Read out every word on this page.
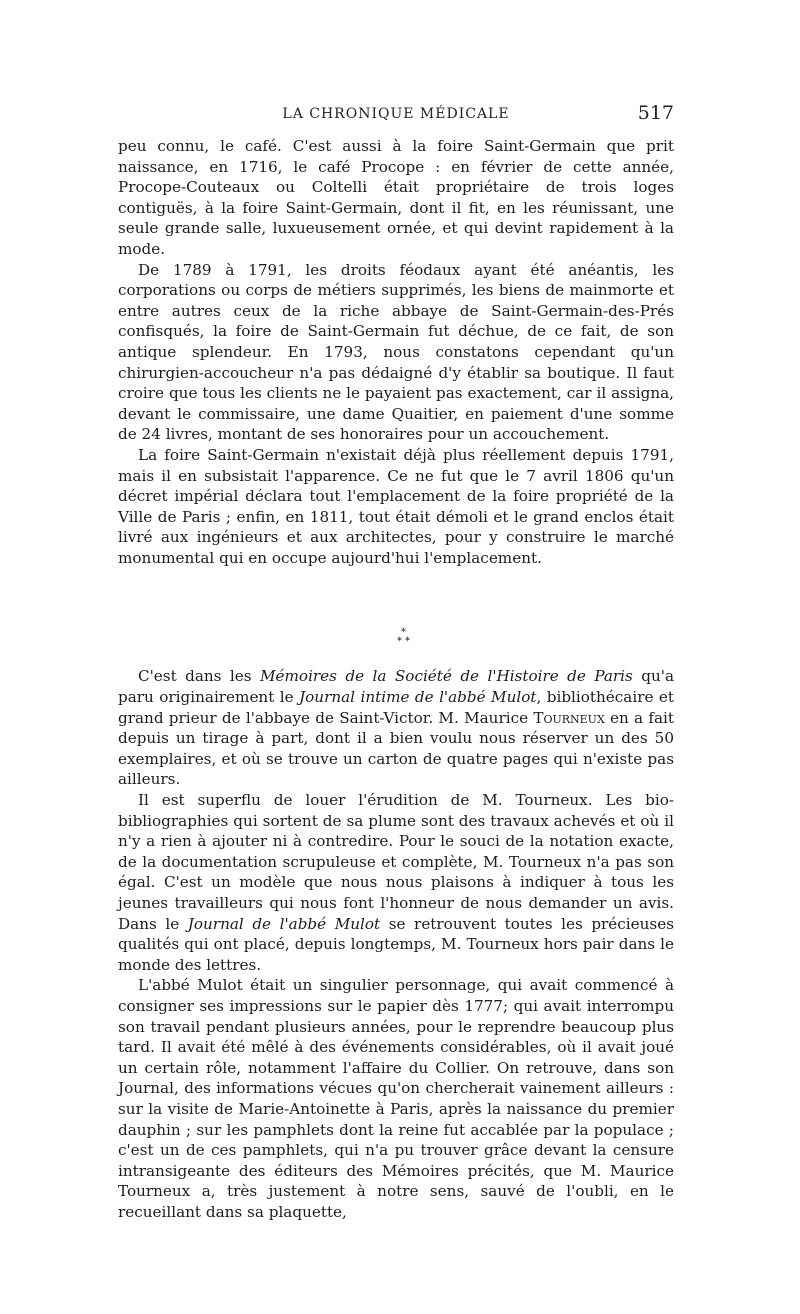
LA CHRONIQUE MÉDICALE	517

peu connu, le café. C'est aussi à la foire Saint-Germain que prit naissance, en 1716, le café Procope : en février de cette année, Procope-Couteaux ou Coltelli était propriétaire de trois loges contiguës, à la foire Saint-Germain, dont il fit, en les réunissant, une seule grande salle, luxueusement ornée, et qui devint rapidement à la mode.

De 1789 à 1791, les droits féodaux ayant été anéantis, les corporations ou corps de métiers supprimés, les biens de mainmorte et entre autres ceux de la riche abbaye de Saint-Germain-des-Prés confisqués, la foire de Saint-Germain fut déchue, de ce fait, de son antique splendeur. En 1793, nous constatons cependant qu'un chirurgien-accoucheur n'a pas dédaigné d'y établir sa boutique. Il faut croire que tous les clients ne le payaient pas exactement, car il assigna, devant le commissaire, une dame Quaitier, en paiement d'une somme de 24 livres, montant de ses honoraires pour un accouchement.

La foire Saint-Germain n'existait déjà plus réellement depuis 1791, mais il en subsistait l'apparence. Ce ne fut que le 7 avril 1806 qu'un décret impérial déclara tout l'emplacement de la foire propriété de la Ville de Paris ; enfin, en 1811, tout était démoli et le grand enclos était livré aux ingénieurs et aux architectes, pour y construire le marché monumental qui en occupe aujourd'hui l'emplacement.

*
* *

C'est dans les Mémoires de la Société de l'Histoire de Paris qu'a paru originairement le Journal intime de l'abbé Mulot, bibliothécaire et grand prieur de l'abbaye de Saint-Victor. M. Maurice Tourneux en a fait depuis un tirage à part, dont il a bien voulu nous réserver un des 50 exemplaires, et où se trouve un carton de quatre pages qui n'existe pas ailleurs.

Il est superflu de louer l'érudition de M. Tourneux. Les bio-bibliographies qui sortent de sa plume sont des travaux achevés et où il n'y a rien à ajouter ni à contredire. Pour le souci de la notation exacte, de la documentation scrupuleuse et complète, M. Tourneux n'a pas son égal. C'est un modèle que nous nous plaisons à indiquer à tous les jeunes travailleurs qui nous font l'honneur de nous demander un avis. Dans le Journal de l'abbé Mulot se retrouvent toutes les précieuses qualités qui ont placé, depuis longtemps, M. Tourneux hors pair dans le monde des lettres.

L'abbé Mulot était un singulier personnage, qui avait commencé à consigner ses impressions sur le papier dès 1777; qui avait interrompu son travail pendant plusieurs années, pour le reprendre beaucoup plus tard. Il avait été mêlé à des événements considérables, où il avait joué un certain rôle, notamment l'affaire du Collier. On retrouve, dans son Journal, des informations vécues qu'on chercherait vainement ailleurs : sur la visite de Marie-Antoinette à Paris, après la naissance du premier dauphin ; sur les pamphlets dont la reine fut accablée par la populace ; c'est un de ces pamphlets, qui n'a pu trouver grâce devant la censure intransigeante des éditeurs des Mémoires précités, que M. Maurice Tourneux a, très justement à notre sens, sauvé de l'oubli, en le recueillant dans sa plaquette,
